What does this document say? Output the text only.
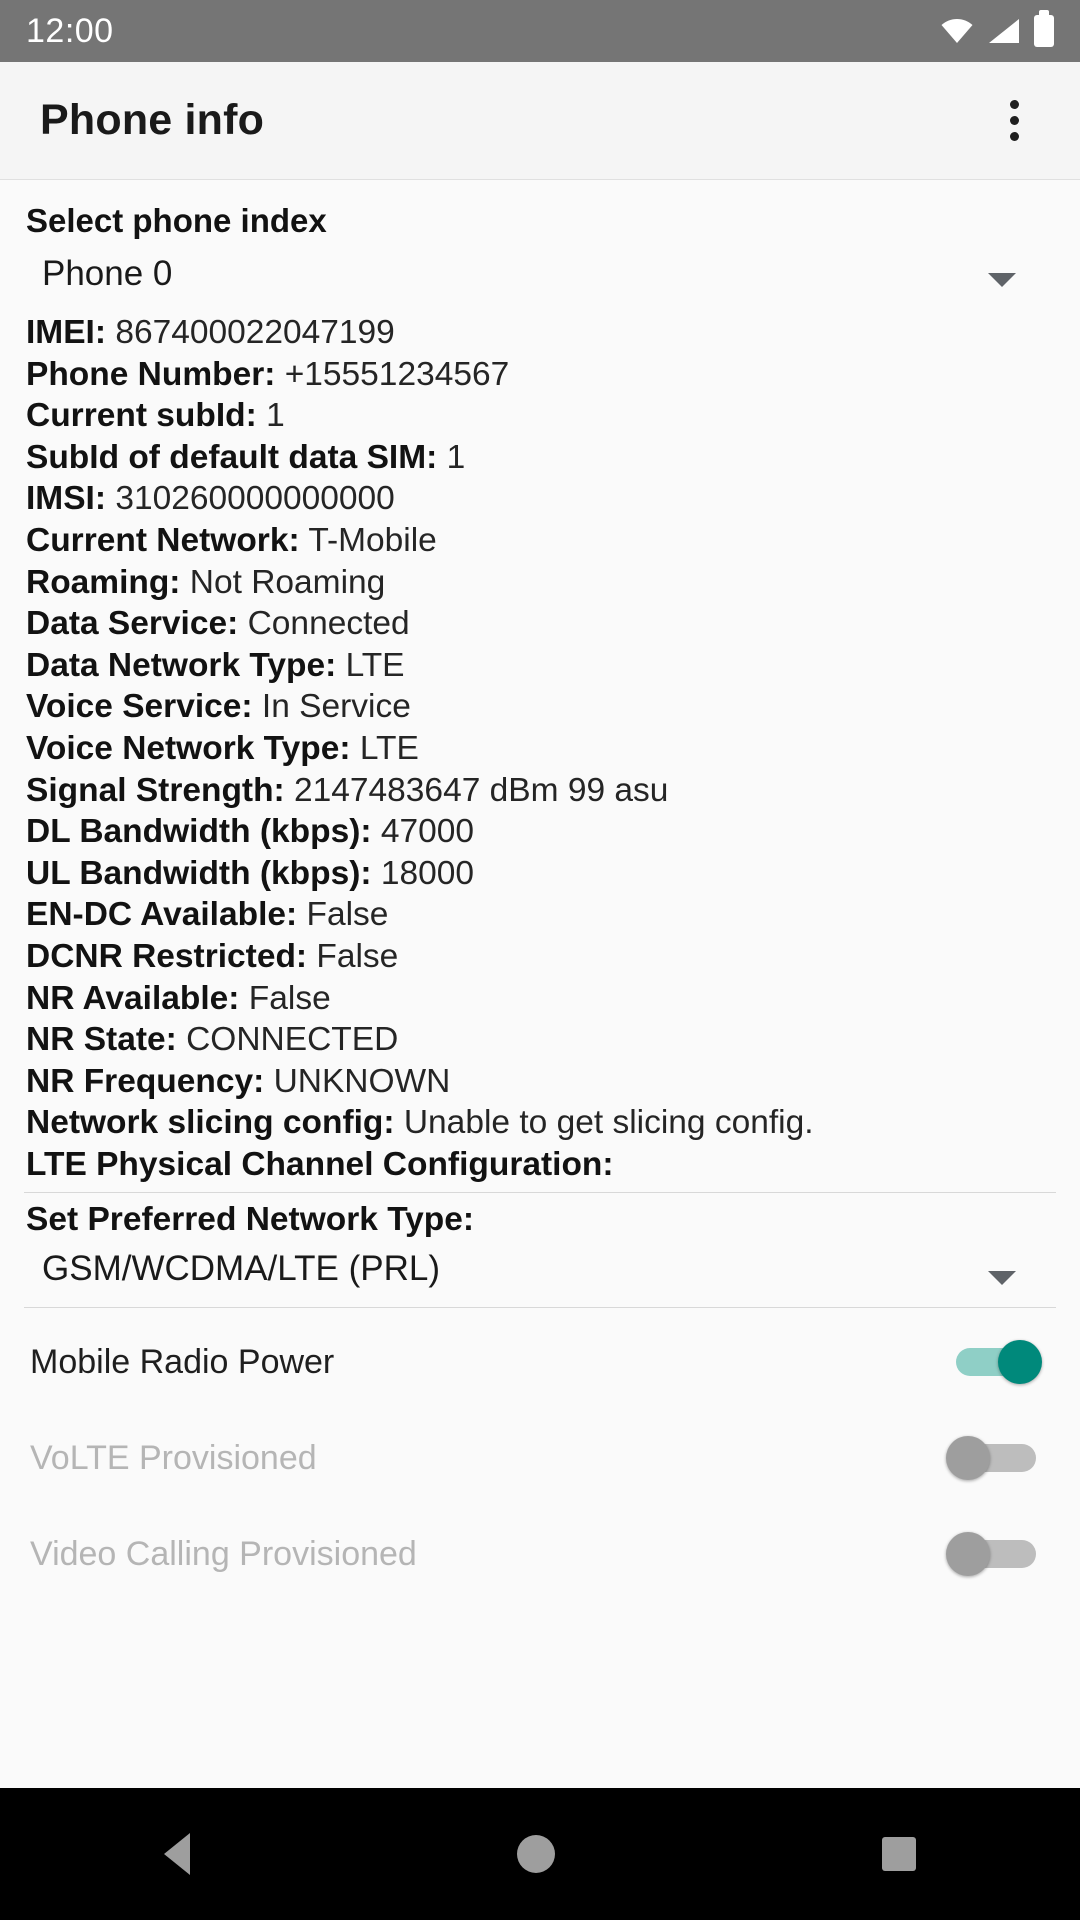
12:00
Phone info
Select phone index
Phone 0
IMEI: 867400022047199
Phone Number: +15551234567
Current subId: 1
SubId of default data SIM: 1
IMSI: 310260000000000
Current Network: T-Mobile
Roaming: Not Roaming
Data Service: Connected
Data Network Type: LTE
Voice Service: In Service
Voice Network Type: LTE
Signal Strength: 2147483647 dBm 99 asu
DL Bandwidth (kbps): 47000
UL Bandwidth (kbps): 18000
EN-DC Available: False
DCNR Restricted: False
NR Available: False
NR State: CONNECTED
NR Frequency: UNKNOWN
Network slicing config: Unable to get slicing config.
LTE Physical Channel Configuration:
Set Preferred Network Type:
GSM/WCDMA/LTE (PRL)
Mobile Radio Power
VoLTE Provisioned
Video Calling Provisioned
